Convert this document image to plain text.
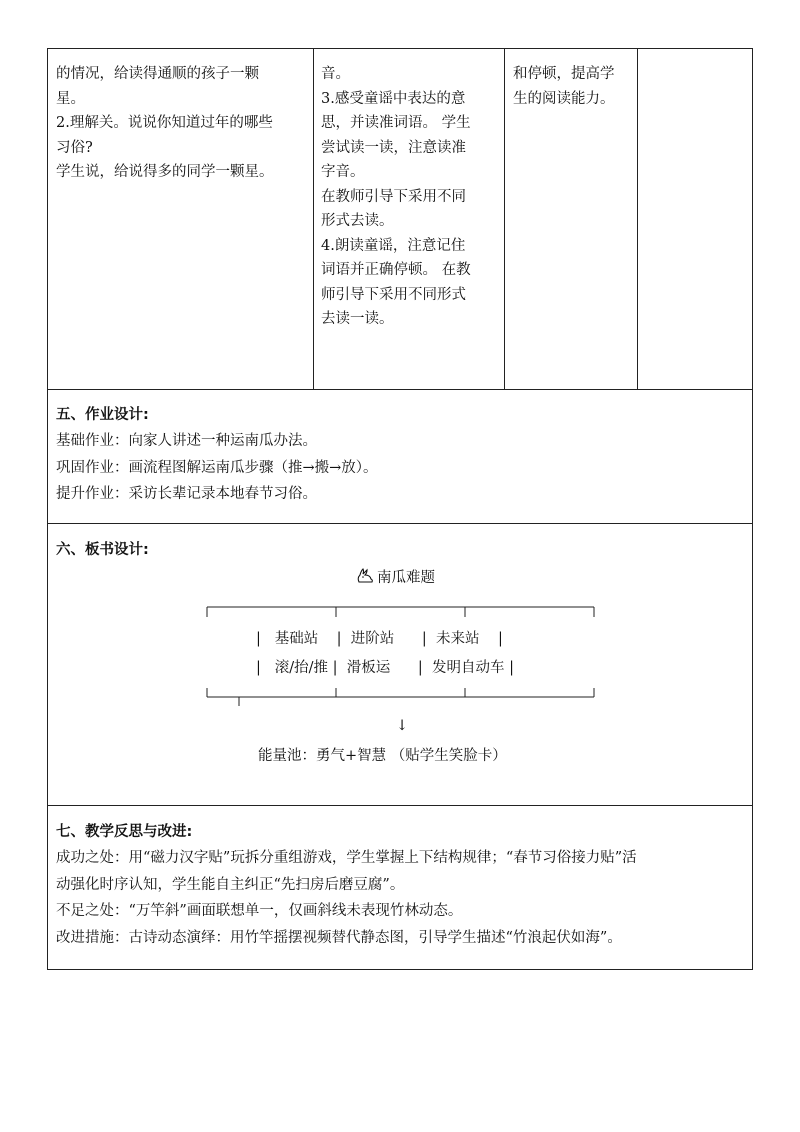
的情况，给读得通顺的孩子一颗

星。

2.理解关。说说你知道过年的哪些

习俗?

学生说，给说得多的同学一颗星。

音。

3.感受童谣中表达的意

思，并读准词语。 学生

尝试读一读，注意读准

字音。

在教师引导下采用不同

形式去读。

4.朗读童谣，注意记住

词语并正确停顿。 在教

师引导下采用不同形式

去读一读。

和停顿，提高学

生的阅读能力。

五、作业设计:

基础作业：向家人讲述一种运南瓜办法。

巩固作业：画流程图解运南瓜步骤（推→搬→放）。

提升作业：采访长辈记录本地春节习俗。

六、板书设计:

南瓜难题
|   基础站    |  进阶站      |  未来站    |
|   滚/抬/推 |  滑板运      |  发明自动车 |
↓
能量池：勇气+智慧 （贴学生笑脸卡）

七、教学反思与改进:

成功之处：用“磁力汉字贴”玩拆分重组游戏，学生掌握上下结构规律；“春节习俗接力贴”活

动强化时序认知，学生能自主纠正“先扫房后磨豆腐”。

不足之处：“万竿斜”画面联想单一，仅画斜线未表现竹林动态。

改进措施：古诗动态演绎：用竹竿摇摆视频替代静态图，引导学生描述“竹浪起伏如海”。
